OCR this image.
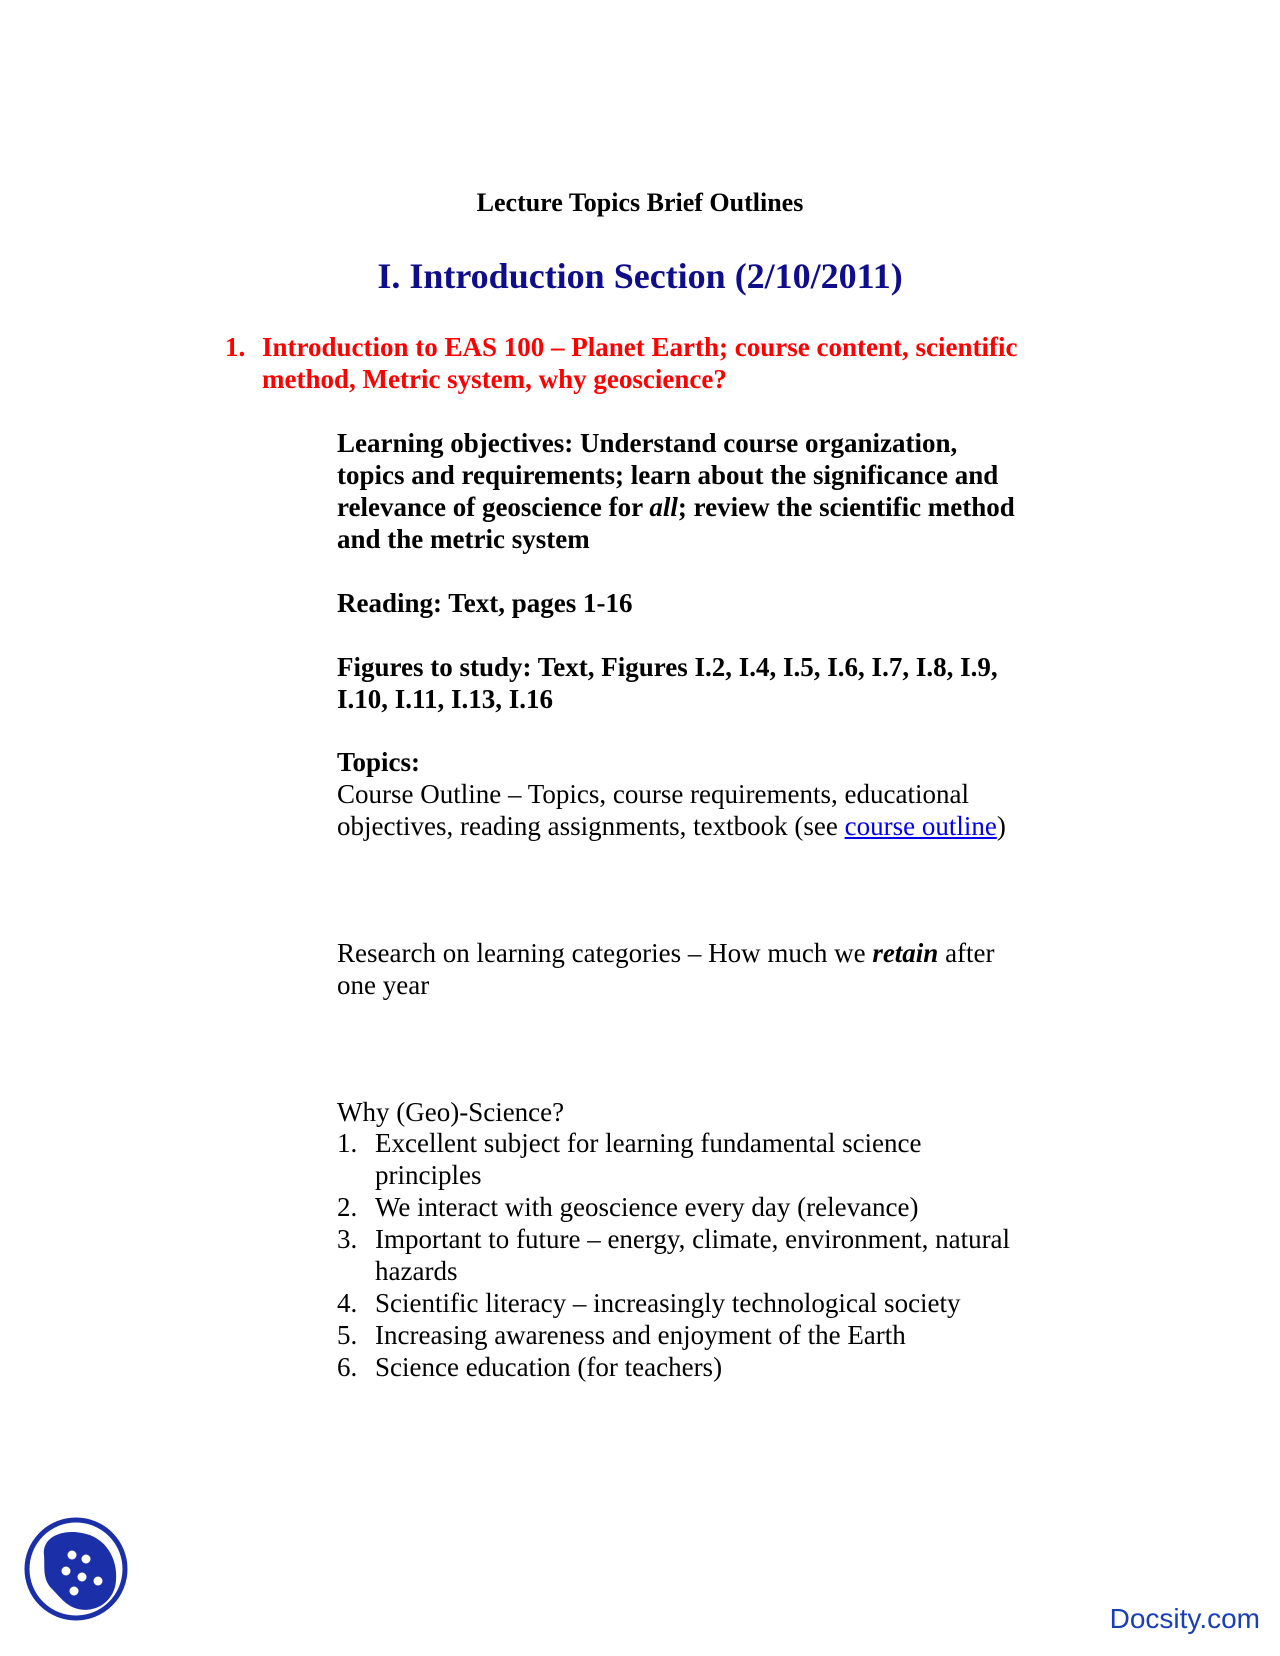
Lecture Topics Brief Outlines
I. Introduction Section (2/10/2011)
1. Introduction to EAS 100 – Planet Earth; course content, scientific
method, Metric system, why geoscience?
Learning objectives: Understand course organization,
topics and requirements; learn about the significance and
relevance of geoscience for all; review the scientific method
and the metric system
Reading: Text, pages 1-16
Figures to study: Text, Figures I.2, I.4, I.5, I.6, I.7, I.8, I.9,
I.10, I.11, I.13, I.16
Topics:
Course Outline – Topics, course requirements, educational
objectives, reading assignments, textbook (see course outline)
Research on learning categories – How much we retain after
one year
Why (Geo)-Science?
1. Excellent subject for learning fundamental science
principles
2. We interact with geoscience every day (relevance)
3. Important to future – energy, climate, environment, natural
hazards
4. Scientific literacy – increasingly technological society
5. Increasing awareness and enjoyment of the Earth
6. Science education (for teachers)
Docsity.com
